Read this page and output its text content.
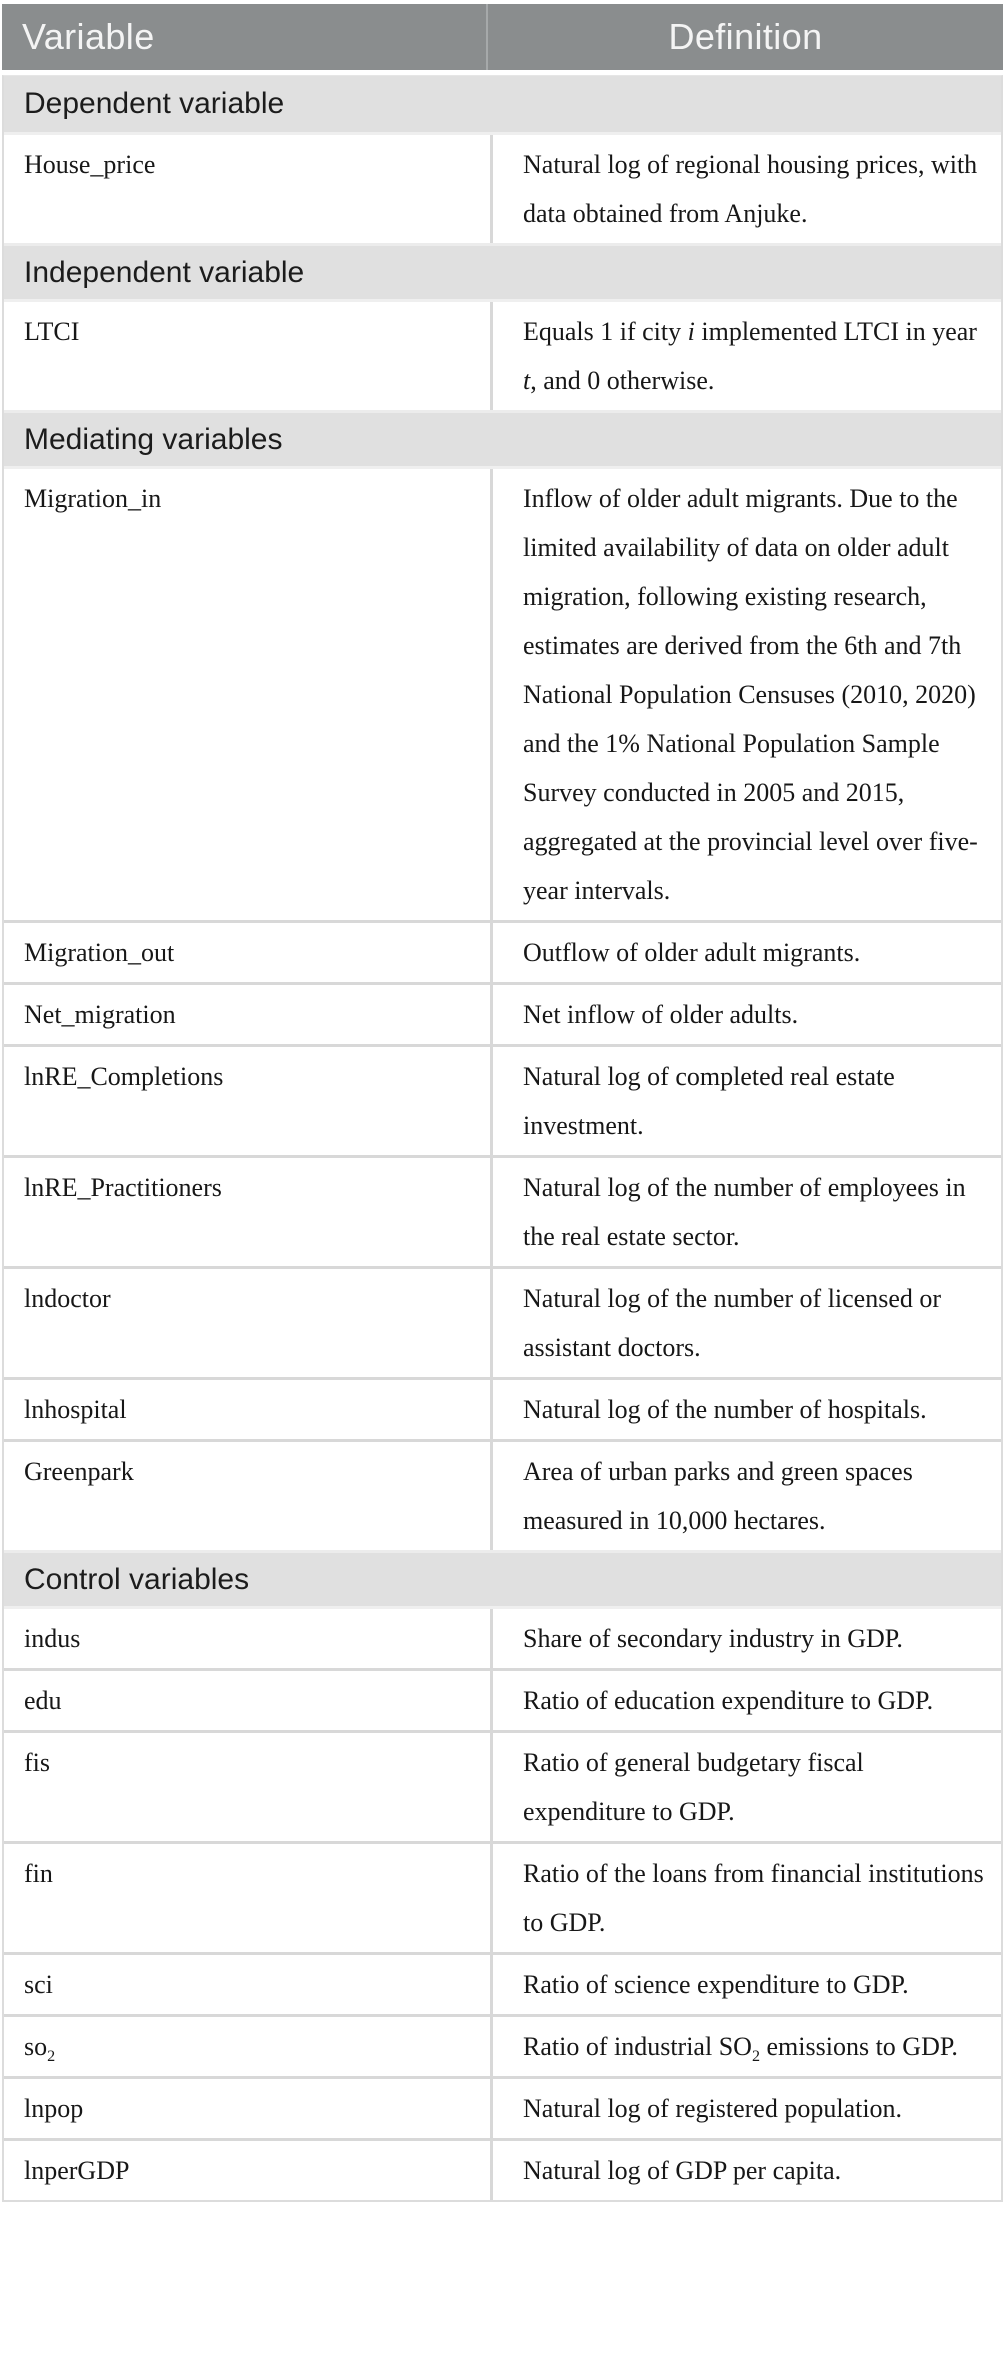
Variable	Definition
Dependent variable
House_price	Natural log of regional housing prices, with data obtained from Anjuke.
Independent variable
LTCI	Equals 1 if city i implemented LTCI in year t, and 0 otherwise.
Mediating variables
Migration_in	Inflow of older adult migrants. Due to the limited availability of data on older adult migration, following existing research, estimates are derived from the 6th and 7th National Population Censuses (2010, 2020) and the 1% National Population Sample Survey conducted in 2005 and 2015, aggregated at the provincial level over five-year intervals.
Migration_out	Outflow of older adult migrants.
Net_migration	Net inflow of older adults.
lnRE_Completions	Natural log of completed real estate investment.
lnRE_Practitioners	Natural log of the number of employees in the real estate sector.
lndoctor	Natural log of the number of licensed or assistant doctors.
lnhospital	Natural log of the number of hospitals.
Greenpark	Area of urban parks and green spaces measured in 10,000 hectares.
Control variables
indus	Share of secondary industry in GDP.
edu	Ratio of education expenditure to GDP.
fis	Ratio of general budgetary fiscal expenditure to GDP.
fin	Ratio of the loans from financial institutions to GDP.
sci	Ratio of science expenditure to GDP.
$so_2$	Ratio of industrial $SO_2$ emissions to GDP.
lnpop	Natural log of registered population.
lnperGDP	Natural log of GDP per capita.
